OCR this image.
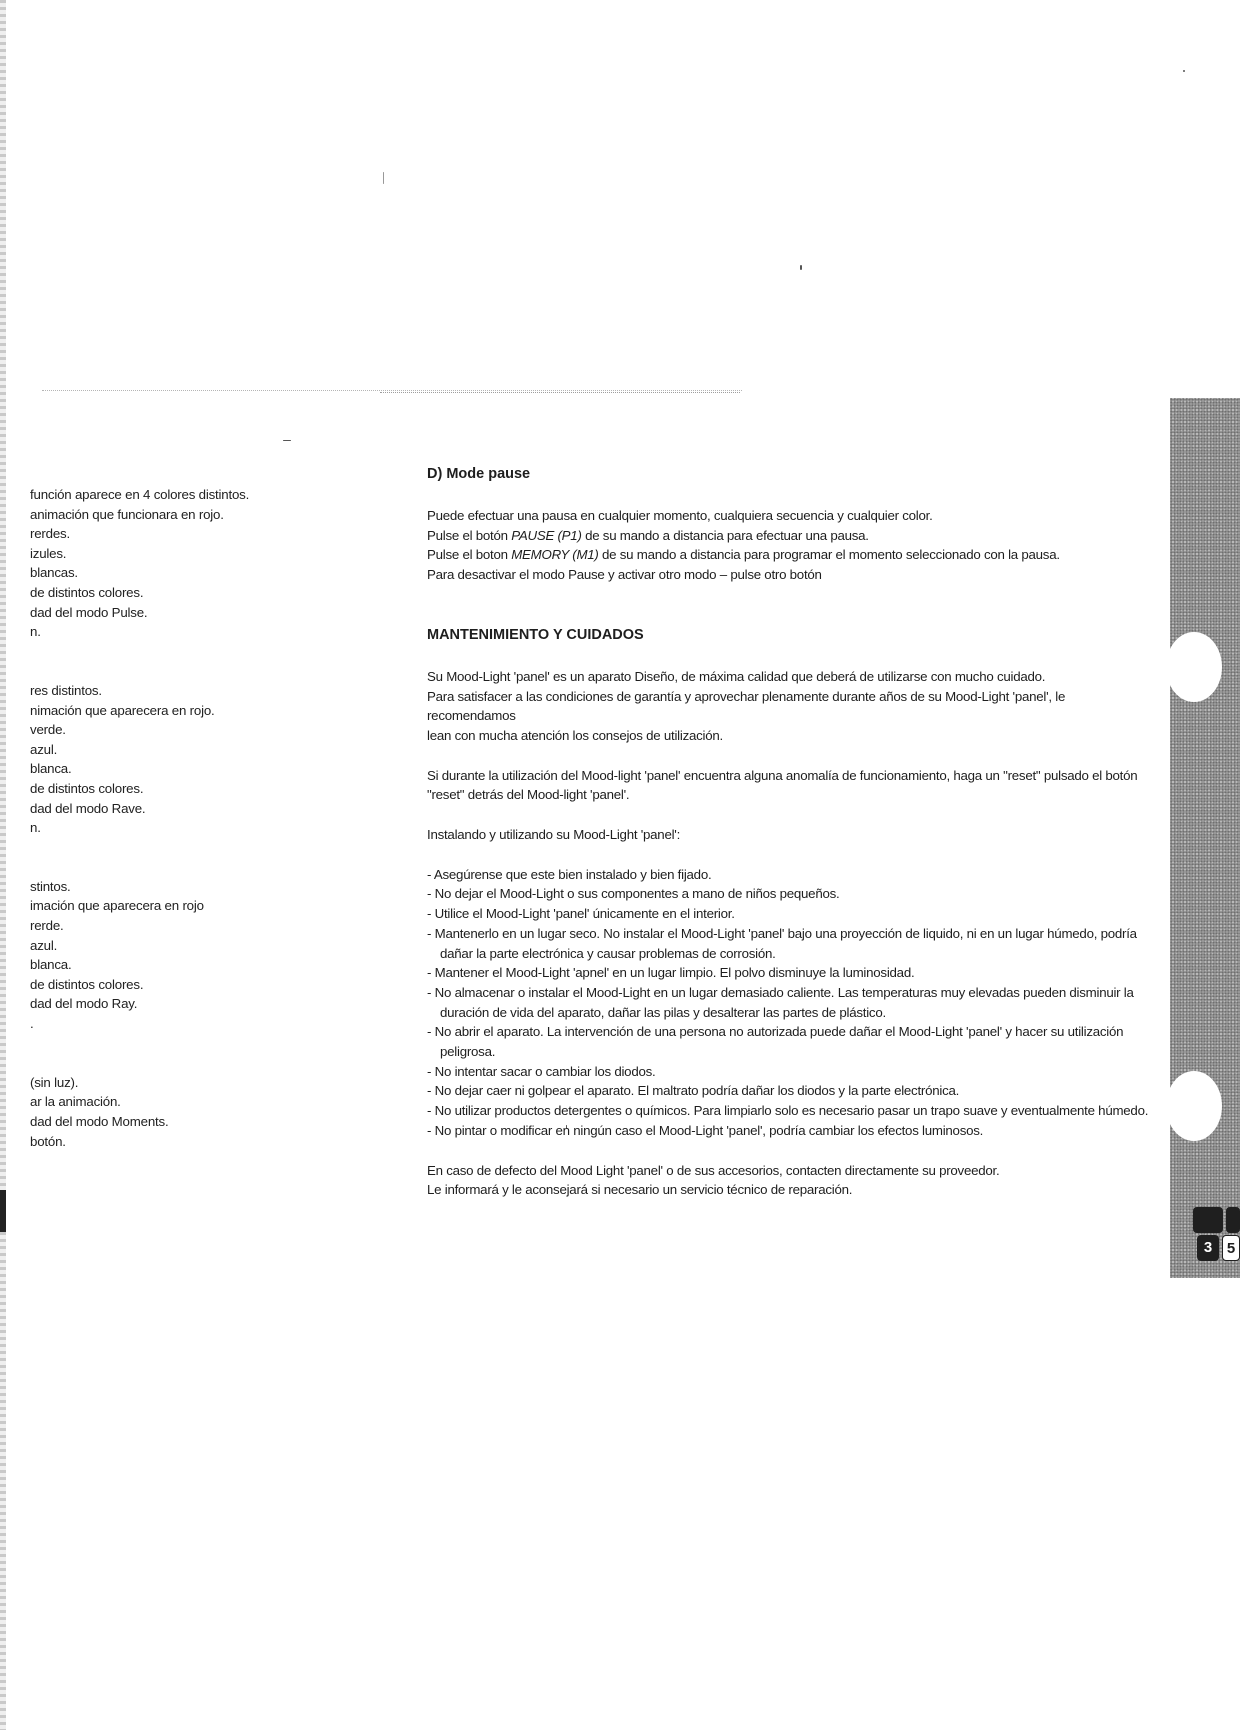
función aparece en 4 colores distintos.
animación que funcionara en rojo.
rerdes.
izules.
blancas.
de distintos colores.
dad del modo Pulse.
n.
res distintos.
nimación que aparecera en rojo.
verde.
azul.
blanca.
de distintos colores.
dad del modo Rave.
n.
stintos.
imación que aparecera en rojo
rerde.
azul.
blanca.
de distintos colores.
dad del modo Ray.
.
(sin luz).
ar la animación.
dad del modo Moments.
botón.
D) Mode pause

Puede efectuar una pausa en cualquier momento, cualquiera secuencia y cualquier color.

Pulse el botón PAUSE (P1) de su mando a distancia para efectuar una pausa.

Pulse el boton MEMORY (M1) de su mando a distancia para programar el momento seleccionado con la pausa.

Para desactivar el modo Pause y activar otro modo – pulse otro botón

MANTENIMIENTO Y CUIDADOS

Su Mood-Light 'panel' es un aparato Diseño, de máxima calidad que deberá de utilizarse con mucho cuidado.

Para satisfacer a las condiciones de garantía y aprovechar plenamente durante años de su Mood-Light 'panel', le recomendamos

lean con mucha atención los consejos de utilización.

Si durante la utilización del Mood-light 'panel' encuentra alguna anomalía de funcionamiento, haga un "reset" pulsado el botón

"reset" detrás del Mood-light 'panel'.

Instalando y utilizando su Mood-Light 'panel':

- Asegúrense que este bien instalado y bien fijado.
- No dejar el Mood-Light o sus componentes a mano de niños pequeños.
- Utilice el Mood-Light 'panel' únicamente en el interior.
- Mantenerlo en un lugar seco. No instalar el Mood-Light 'panel' bajo una proyección de liquido, ni en un lugar húmedo, podría dañar la parte electrónica y causar problemas de corrosión.
- Mantener el Mood-Light 'apnel' en un lugar limpio. El polvo disminuye la luminosidad.
- No almacenar o instalar el Mood-Light en un lugar demasiado caliente. Las temperaturas muy elevadas pueden disminuir la duración de vida del aparato, dañar las pilas y desalterar las partes de plástico.
- No abrir el aparato. La intervención de una persona no autorizada puede dañar el Mood-Light 'panel' y hacer su utilización peligrosa.
- No intentar sacar o cambiar los diodos.
- No dejar caer ni golpear el aparato. El maltrato podría dañar los diodos y la parte electrónica.
- No utilizar productos detergentes o químicos. Para limpiarlo solo es necesario pasar un trapo suave y eventualmente húmedo.
- No pintar o modificar en ningún caso el Mood-Light 'panel', podría cambiar los efectos luminosos.

En caso de defecto del Mood Light 'panel' o de sus accesorios, contacten directamente su proveedor.

Le informará y le aconsejará si necesario un servicio técnico de reparación.

3 5
